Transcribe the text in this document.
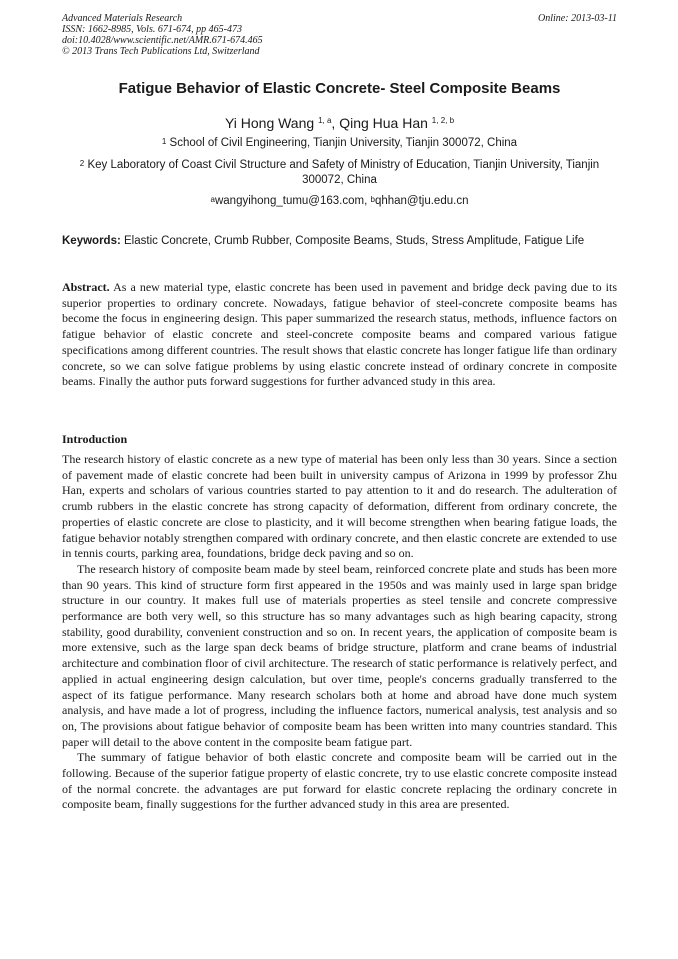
Advanced Materials Research
ISSN: 1662-8985, Vols. 671-674, pp 465-473
doi:10.4028/www.scientific.net/AMR.671-674.465
© 2013 Trans Tech Publications Ltd, Switzerland
Online: 2013-03-11
Fatigue Behavior of Elastic Concrete- Steel Composite Beams
Yi Hong Wang $^{1, a}$, Qing Hua Han $^{1, 2, b}$
$^1$ School of Civil Engineering, Tianjin University, Tianjin 300072, China
$^2$ Key Laboratory of Coast Civil Structure and Safety of Ministry of Education, Tianjin University, Tianjin 300072, China
$^a$wangyihong_tumu@163.com, $^b$qhhan@tju.edu.cn
Keywords: Elastic Concrete, Crumb Rubber, Composite Beams, Studs, Stress Amplitude, Fatigue Life

Abstract. As a new material type, elastic concrete has been used in pavement and bridge deck paving due to its superior properties to ordinary concrete. Nowadays, fatigue behavior of steel-concrete composite beams has become the focus in engineering design. This paper summarized the research status, methods, influence factors on fatigue behavior of elastic concrete and steel-concrete composite beams and compared various fatigue specifications among different countries. The result shows that elastic concrete has longer fatigue life than ordinary concrete, so we can solve fatigue problems by using elastic concrete instead of ordinary concrete in composite beams. Finally the author puts forward suggestions for further advanced study in this area.

Introduction

The research history of elastic concrete as a new type of material has been only less than 30 years. Since a section of pavement made of elastic concrete had been built in university campus of Arizona in 1999 by professor Zhu Han, experts and scholars of various countries started to pay attention to it and do research. The adulteration of crumb rubbers in the elastic concrete has strong capacity of deformation, different from ordinary concrete, the properties of elastic concrete are close to plasticity, and it will become strengthen when bearing fatigue loads, the fatigue behavior notably strengthen compared with ordinary concrete, and then elastic concrete are extended to use in tennis courts, parking area, foundations, bridge deck paving and so on.

The research history of composite beam made by steel beam, reinforced concrete plate and studs has been more than 90 years. This kind of structure form first appeared in the 1950s and was mainly used in large span bridge structure in our country. It makes full use of materials properties as steel tensile and concrete compressive performance are both very well, so this structure has so many advantages such as high bearing capacity, strong stability, good durability, convenient construction and so on. In recent years, the application of composite beam is more extensive, such as the large span deck beams of bridge structure, platform and crane beams of industrial architecture and combination floor of civil architecture. The research of static performance is relatively perfect, and applied in actual engineering design calculation, but over time, people's concerns gradually transferred to the aspect of its fatigue performance. Many research scholars both at home and abroad have done much system analysis, and have made a lot of progress, including the influence factors, numerical analysis, test analysis and so on, The provisions about fatigue behavior of composite beam has been written into many countries standard. This paper will detail to the above content in the composite beam fatigue part.

The summary of fatigue behavior of both elastic concrete and composite beam will be carried out in the following. Because of the superior fatigue property of elastic concrete, try to use elastic concrete composite instead of the normal concrete. the advantages are put forward for elastic concrete replacing the ordinary concrete in composite beam, finally suggestions for the further advanced study in this area are presented.
